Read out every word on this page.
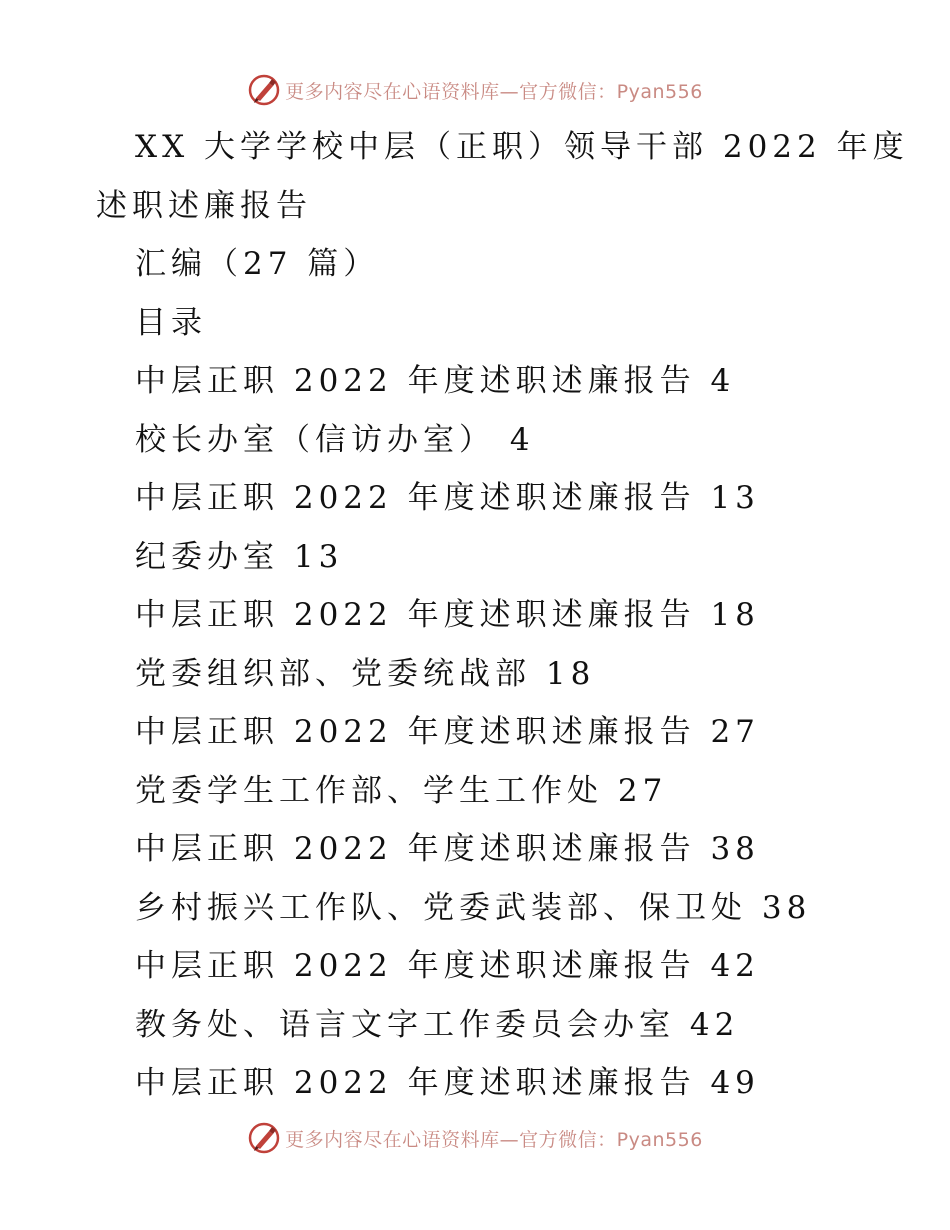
更多内容尽在心语资料库—官方微信：Pyan556
XX 大学学校中层（正职）领导干部 2022 年度
述职述廉报告
汇编（27 篇）
目录
中层正职 2022 年度述职述廉报告 4
校长办室（信访办室） 4
中层正职 2022 年度述职述廉报告 13
纪委办室 13
中层正职 2022 年度述职述廉报告 18
党委组织部、党委统战部 18
中层正职 2022 年度述职述廉报告 27
党委学生工作部、学生工作处 27
中层正职 2022 年度述职述廉报告 38
乡村振兴工作队、党委武装部、保卫处 38
中层正职 2022 年度述职述廉报告 42
教务处、语言文字工作委员会办室 42
中层正职 2022 年度述职述廉报告 49
更多内容尽在心语资料库—官方微信：Pyan556
